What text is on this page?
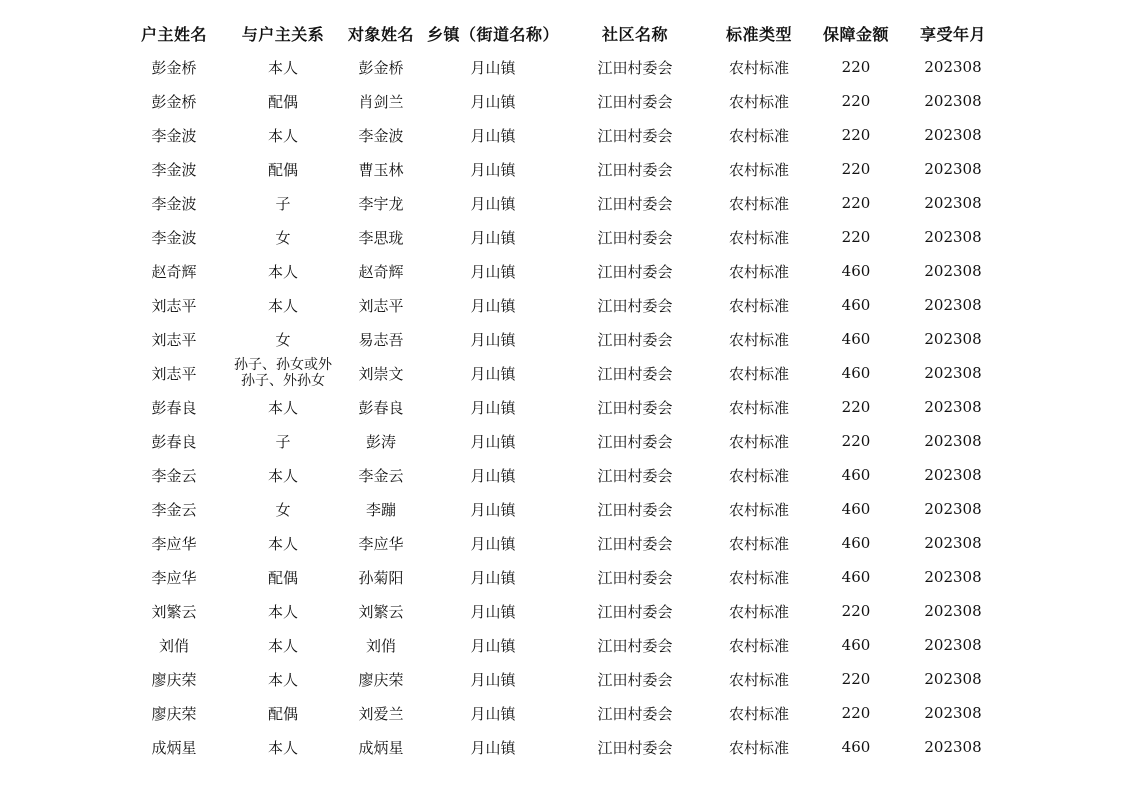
户主姓名	与户主关系	对象姓名	乡镇（街道名称）	社区名称	标准类型	保障金额	享受年月
彭金桥	本人	彭金桥	月山镇	江田村委会	农村标准	220	202308
彭金桥	配偶	肖剑兰	月山镇	江田村委会	农村标准	220	202308
李金波	本人	李金波	月山镇	江田村委会	农村标准	220	202308
李金波	配偶	曹玉林	月山镇	江田村委会	农村标准	220	202308
李金波	子	李宇龙	月山镇	江田村委会	农村标准	220	202308
李金波	女	李思珑	月山镇	江田村委会	农村标准	220	202308
赵奇辉	本人	赵奇辉	月山镇	江田村委会	农村标准	460	202308
刘志平	本人	刘志平	月山镇	江田村委会	农村标准	460	202308
刘志平	女	易志吾	月山镇	江田村委会	农村标准	460	202308
刘志平	孙子、孙女或外孙子、外孙女	刘崇文	月山镇	江田村委会	农村标准	460	202308
彭春良	本人	彭春良	月山镇	江田村委会	农村标准	220	202308
彭春良	子	彭涛	月山镇	江田村委会	农村标准	220	202308
李金云	本人	李金云	月山镇	江田村委会	农村标准	460	202308
李金云	女	李蹦	月山镇	江田村委会	农村标准	460	202308
李应华	本人	李应华	月山镇	江田村委会	农村标准	460	202308
李应华	配偶	孙菊阳	月山镇	江田村委会	农村标准	460	202308
刘繁云	本人	刘繁云	月山镇	江田村委会	农村标准	220	202308
刘俏	本人	刘俏	月山镇	江田村委会	农村标准	460	202308
廖庆荣	本人	廖庆荣	月山镇	江田村委会	农村标准	220	202308
廖庆荣	配偶	刘爱兰	月山镇	江田村委会	农村标准	220	202308
成炳星	本人	成炳星	月山镇	江田村委会	农村标准	460	202308
